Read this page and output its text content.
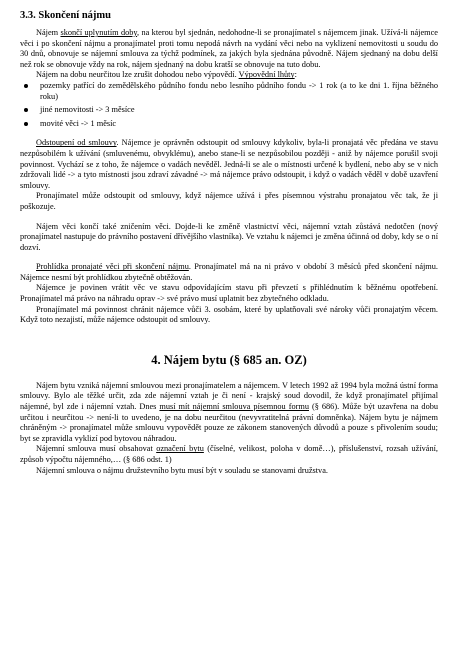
3.3. Skončení nájmu

Nájem skončí uplynutím doby, na kterou byl sjednán, nedohodne-li se pronajímatel s nájemcem jinak. Užívá-li nájemce věci i po skončení nájmu a pronajímatel proti tomu nepodá návrh na vydání věci nebo na vyklizení nemovitosti u soudu do 30 dnů, obnovuje se nájemní smlouva za týchž podmínek, za jakých byla sjednána původně. Nájem sjednaný na dobu delší než rok se obnovuje vždy na rok, nájem sjednaný na dobu kratší se obnovuje na tuto dobu.

Nájem na dobu neurčitou lze zrušit dohodou nebo výpovědí. Výpovědní lhůty:

pozemky patřící do zemědělského půdního fondu nebo lesního půdního fondu -> 1 rok (a to ke dni 1. října běžného roku)
jiné nemovitosti -> 3 měsíce
movité věci -> 1 měsíc

Odstoupení od smlouvy. Nájemce je oprávněn odstoupit od smlouvy kdykoliv, byla-li pronajatá věc předána ve stavu nezpůsobilém k užívání (smluvenému, obvyklému), anebo stane-li se nezpůsobilou později - aniž by nájemce porušil svoji povinnost. Vychází se z toho, že nájemce o vadách nevěděl. Jedná-li se ale o místnosti určené k bydlení, nebo aby se v nich zdržovali lidé -> a tyto místnosti jsou zdraví závadné -> má nájemce právo odstoupit, i když o vadách věděl v době uzavření smlouvy.

Pronajímatel může odstoupit od smlouvy, když nájemce užívá i přes písemnou výstrahu pronajatou věc tak, že ji poškozuje.

Nájem věci končí také zničením věci. Dojde-li ke změně vlastnictví věci, nájemní vztah zůstává nedotčen (nový pronajímatel nastupuje do právního postavení dřívějšího vlastníka). Ve vztahu k nájemci je změna účinná od doby, kdy se o ní dozví.

Prohlídka pronajaté věci při skončení nájmu. Pronajímatel má na ni právo v období 3 měsíců před skončení nájmu. Nájemce nesmí být prohlídkou zbytečně obtěžován.

Nájemce je povinen vrátit věc ve stavu odpovídajícím stavu při převzetí s přihlédnutím k běžnému opotřebení. Pronajímatel má právo na náhradu oprav -> své právo musí uplatnit bez zbytečného odkladu.

Pronajímatel má povinnost chránit nájemce vůči 3. osobám, které by uplatňovali své nároky vůči pronajatým věcem. Když toto nezajistí, může nájemce odstoupit od smlouvy.

4. Nájem bytu (§ 685 an. OZ)

Nájem bytu vzniká nájemní smlouvou mezi pronajímatelem a nájemcem. V letech 1992 až 1994 byla možná ústní forma smlouvy. Bylo ale těžké určit, zda zde nájemní vztah je či není - krajský soud dovodil, že když pronajímatel přijímal nájemné, byl zde i nájemní vztah. Dnes musí mít nájemní smlouva písemnou formu (§ 686). Může být uzavřena na dobu určitou i neurčitou -> není-li to uvedeno, je na dobu neurčitou (nevyvratitelná právní domněnka). Nájem bytu je nájmem chráněným -> pronajímatel může smlouvu vypovědět pouze ze zákonem stanovených důvodů a pouze s přivolením soudu; byt se zpravidla vyklizí pod bytovou náhradou.

Nájemní smlouva musí obsahovat označení bytu (číselné, velikost, poloha v domě…), příslušenství, rozsah užívání, způsob výpočtu nájemného,… (§ 686 odst. 1)

Nájemní smlouva o nájmu družstevního bytu musí být v souladu se stanovami družstva.
